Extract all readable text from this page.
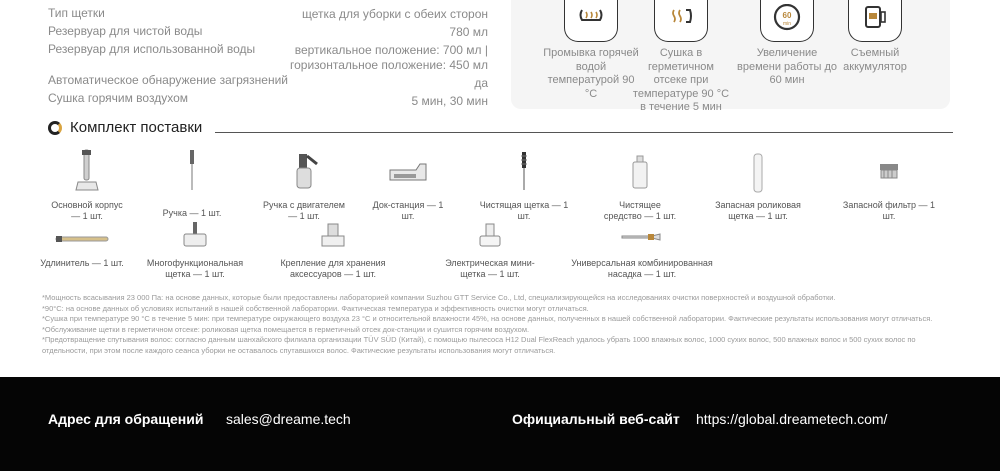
Тип щетки	щетка для уборки с обеих сторон
Резервуар для чистой воды	780 мл
Резервуар для использованной воды	вертикальное положение: 700 мл |
горизонтальное положение: 450 мл
Автоматическое обнаружение загрязнений	да
Сушка горячим воздухом	5 мин, 30 мин
Промывка горячей водой температурой 90 °C
Сушка в герметичном отсеке при температуре 90 °C в течение 5 мин
60
min
Увеличение времени работы до 60 мин
Съемный аккумулятор
Комплект поставки
Основной корпус — 1 шт.	Ручка — 1 шт.
Ручка с двигателем — 1 шт.
Док-станция — 1 шт.
Чистящая щетка — 1 шт.
Чистящее средство — 1 шт.
Запасная роликовая щетка — 1 шт.
Запасной фильтр — 1 шт.
Удлинитель — 1 шт.	Многофункциональная щетка — 1 шт.
Крепление для хранения аксессуаров — 1 шт.
Электрическая мини-щетка — 1 шт.
Универсальная комбинированная насадка — 1 шт.

*Мощность всасывания 23 000 Па: на основе данных, которые были предоставлены лабораторией компании Suzhou GTT Service Co., Ltd, специализирующейся на исследованиях очистки поверхностей и воздушной обработки.

*90°C: на основе данных об условиях испытаний в нашей собственной лаборатории. Фактическая температура и эффективность очистки могут отличаться.

*Сушка при температуре 90 °C в течение 5 мин: при температуре окружающего воздуха 23 °C и относительной влажности 45%, на основе данных, полученных в нашей собственной лаборатории. Фактические результаты использования могут отличаться.

*Обслуживание щетки в герметичном отсеке: роликовая щетка помещается в герметичный отсек док-станции и сушится горячим воздухом.

*Предотвращение спутывания волос: согласно данным шанхайского филиала организации TÜV SÜD (Китай), с помощью пылесоса H12 Dual FlexReach удалось убрать 1000 влажных волос, 1000 сухих волос, 500 влажных волос и 500 сухих волос по отдельности, при этом после каждого сеанса уборки не оставалось спутавшихся волос. Фактические результаты использования могут отличаться.

Адрес для обращений sales@dreame.tech	Официальный веб-сайт https://global.dreametech.com/
